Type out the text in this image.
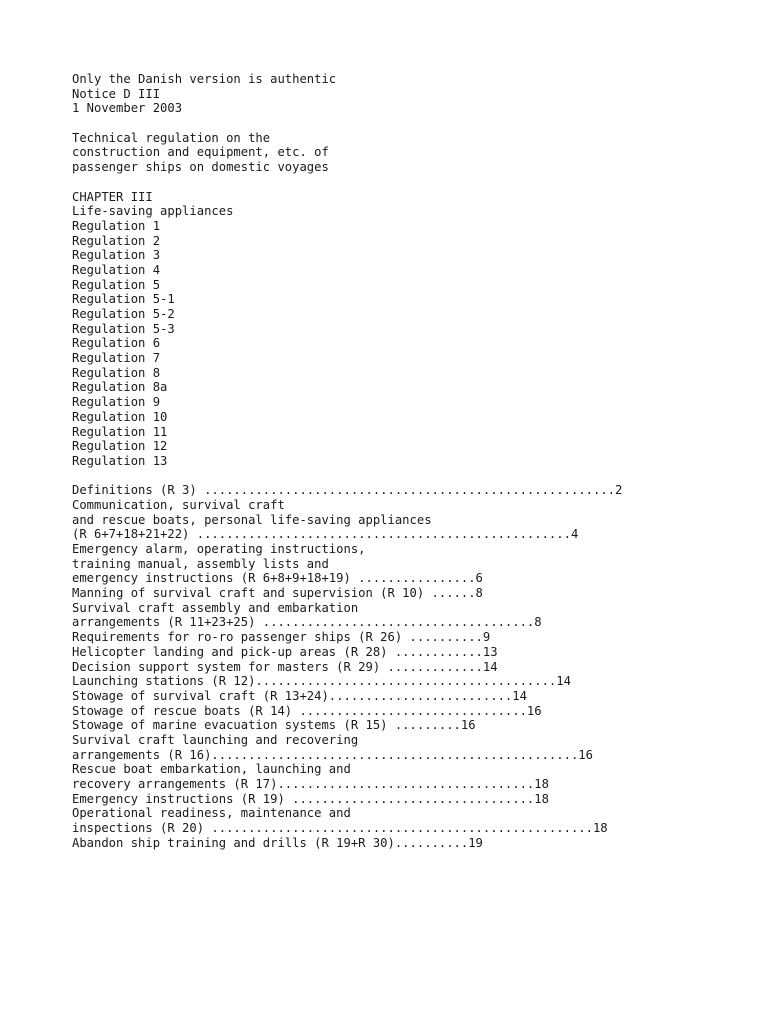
Only the Danish version is authentic
Notice D III
1 November 2003
Technical regulation on the
construction and equipment, etc. of
passenger ships on domestic voyages
CHAPTER III
Life-saving appliances
Regulation 1
Regulation 2
Regulation 3
Regulation 4
Regulation 5
Regulation 5-1
Regulation 5-2
Regulation 5-3
Regulation 6
Regulation 7
Regulation 8
Regulation 8a
Regulation 9
Regulation 10
Regulation 11
Regulation 12
Regulation 13
Definitions (R 3) ........................................................2
Communication, survival craft
and rescue boats, personal life-saving appliances
(R 6+7+18+21+22) ...................................................4
Emergency alarm, operating instructions,
training manual, assembly lists and
emergency instructions (R 6+8+9+18+19) ................6
Manning of survival craft and supervision (R 10) ......8
Survival craft assembly and embarkation
arrangements (R 11+23+25) .....................................8
Requirements for ro-ro passenger ships (R 26) ..........9
Helicopter landing and pick-up areas (R 28) ............13
Decision support system for masters (R 29) .............14
Launching stations (R 12).........................................14
Stowage of survival craft (R 13+24).........................14
Stowage of rescue boats (R 14) ...............................16
Stowage of marine evacuation systems (R 15) .........16
Survival craft launching and recovering
arrangements (R 16)..................................................16
Rescue boat embarkation, launching and
recovery arrangements (R 17)...................................18
Emergency instructions (R 19) .................................18
Operational readiness, maintenance and
inspections (R 20) ....................................................18
Abandon ship training and drills (R 19+R 30)..........19
